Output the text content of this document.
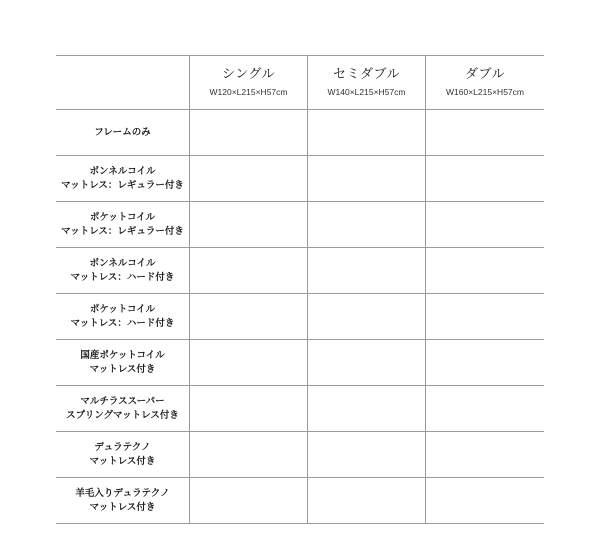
シングル
W120×L215×H57cm
セミダブル
W140×L215×H57cm
ダブル
W160×L215×H57cm
フレームのみ
ボンネルコイル
マットレス：レギュラー付き
ポケットコイル
マットレス：レギュラー付き
ボンネルコイル
マットレス：ハード付き
ポケットコイル
マットレス：ハード付き
国産ポケットコイル
マットレス付き
マルチラススーパー
スプリングマットレス付き
デュラテクノ
マットレス付き
羊毛入りデュラテクノ
マットレス付き
